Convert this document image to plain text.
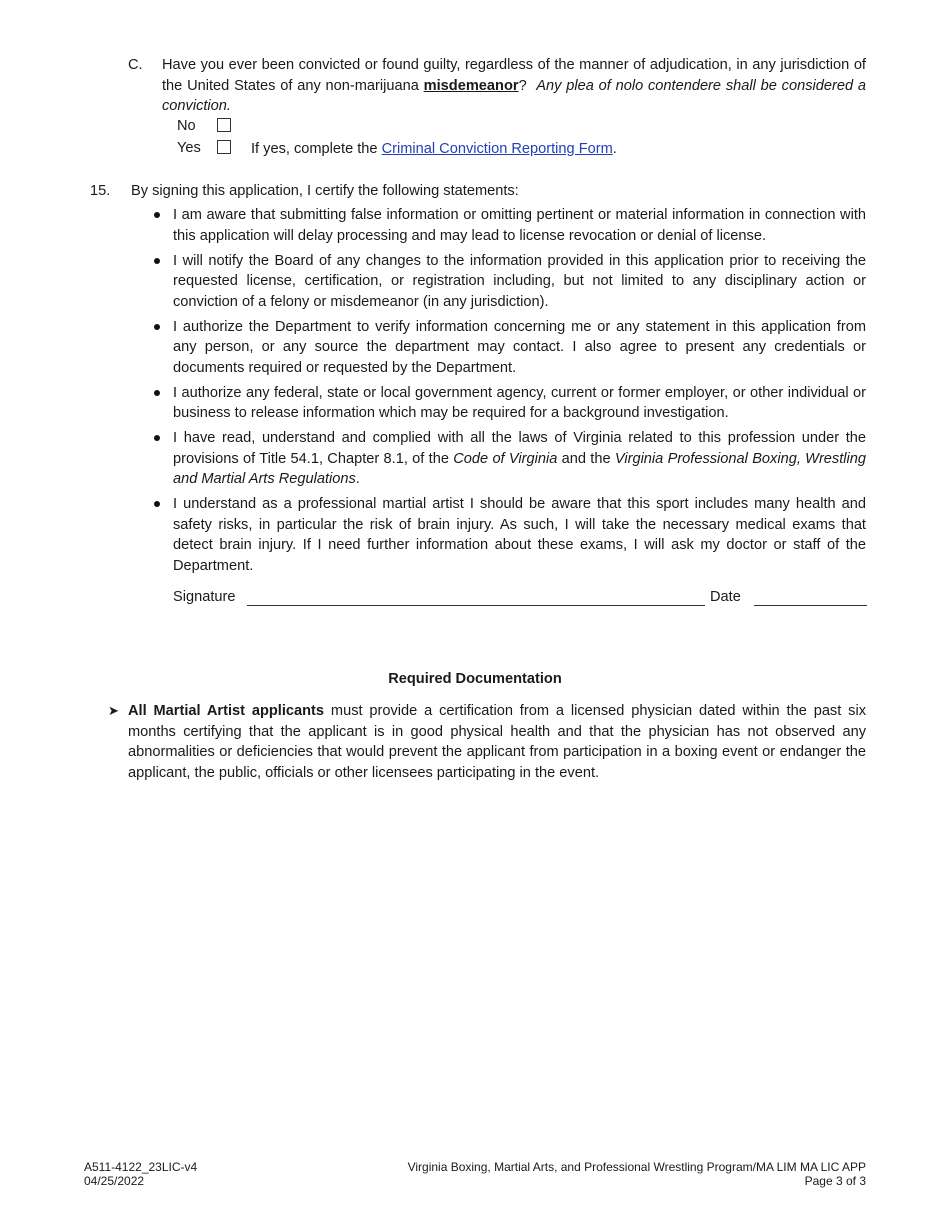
C. Have you ever been convicted or found guilty, regardless of the manner of adjudication, in any jurisdiction of the United States of any non-marijuana misdemeanor? Any plea of nolo contendere shall be considered a conviction.
No
Yes	If yes, complete the Criminal Conviction Reporting Form.
15. By signing this application, I certify the following statements:
I am aware that submitting false information or omitting pertinent or material information in connection with this application will delay processing and may lead to license revocation or denial of license.
I will notify the Board of any changes to the information provided in this application prior to receiving the requested license, certification, or registration including, but not limited to any disciplinary action or conviction of a felony or misdemeanor (in any jurisdiction).
I authorize the Department to verify information concerning me or any statement in this application from any person, or any source the department may contact. I also agree to present any credentials or documents required or requested by the Department.
I authorize any federal, state or local government agency, current or former employer, or other individual or business to release information which may be required for a background investigation.
I have read, understand and complied with all the laws of Virginia related to this profession under the provisions of Title 54.1, Chapter 8.1, of the Code of Virginia and the Virginia Professional Boxing, Wrestling and Martial Arts Regulations.
I understand as a professional martial artist I should be aware that this sport includes many health and safety risks, in particular the risk of brain injury. As such, I will take the necessary medical exams that detect brain injury. If I need further information about these exams, I will ask my doctor or staff of the Department.
Signature	Date
Required Documentation
➤ All Martial Artist applicants must provide a certification from a licensed physician dated within the past six months certifying that the applicant is in good physical health and that the physician has not observed any abnormalities or deficiencies that would prevent the applicant from participation in a boxing event or endanger the applicant, the public, officials or other licensees participating in the event.
A511-4122_23LIC-v4
04/25/2022
Virginia Boxing, Martial Arts, and Professional Wrestling Program/MA LIM MA LIC APP
Page 3 of 3
